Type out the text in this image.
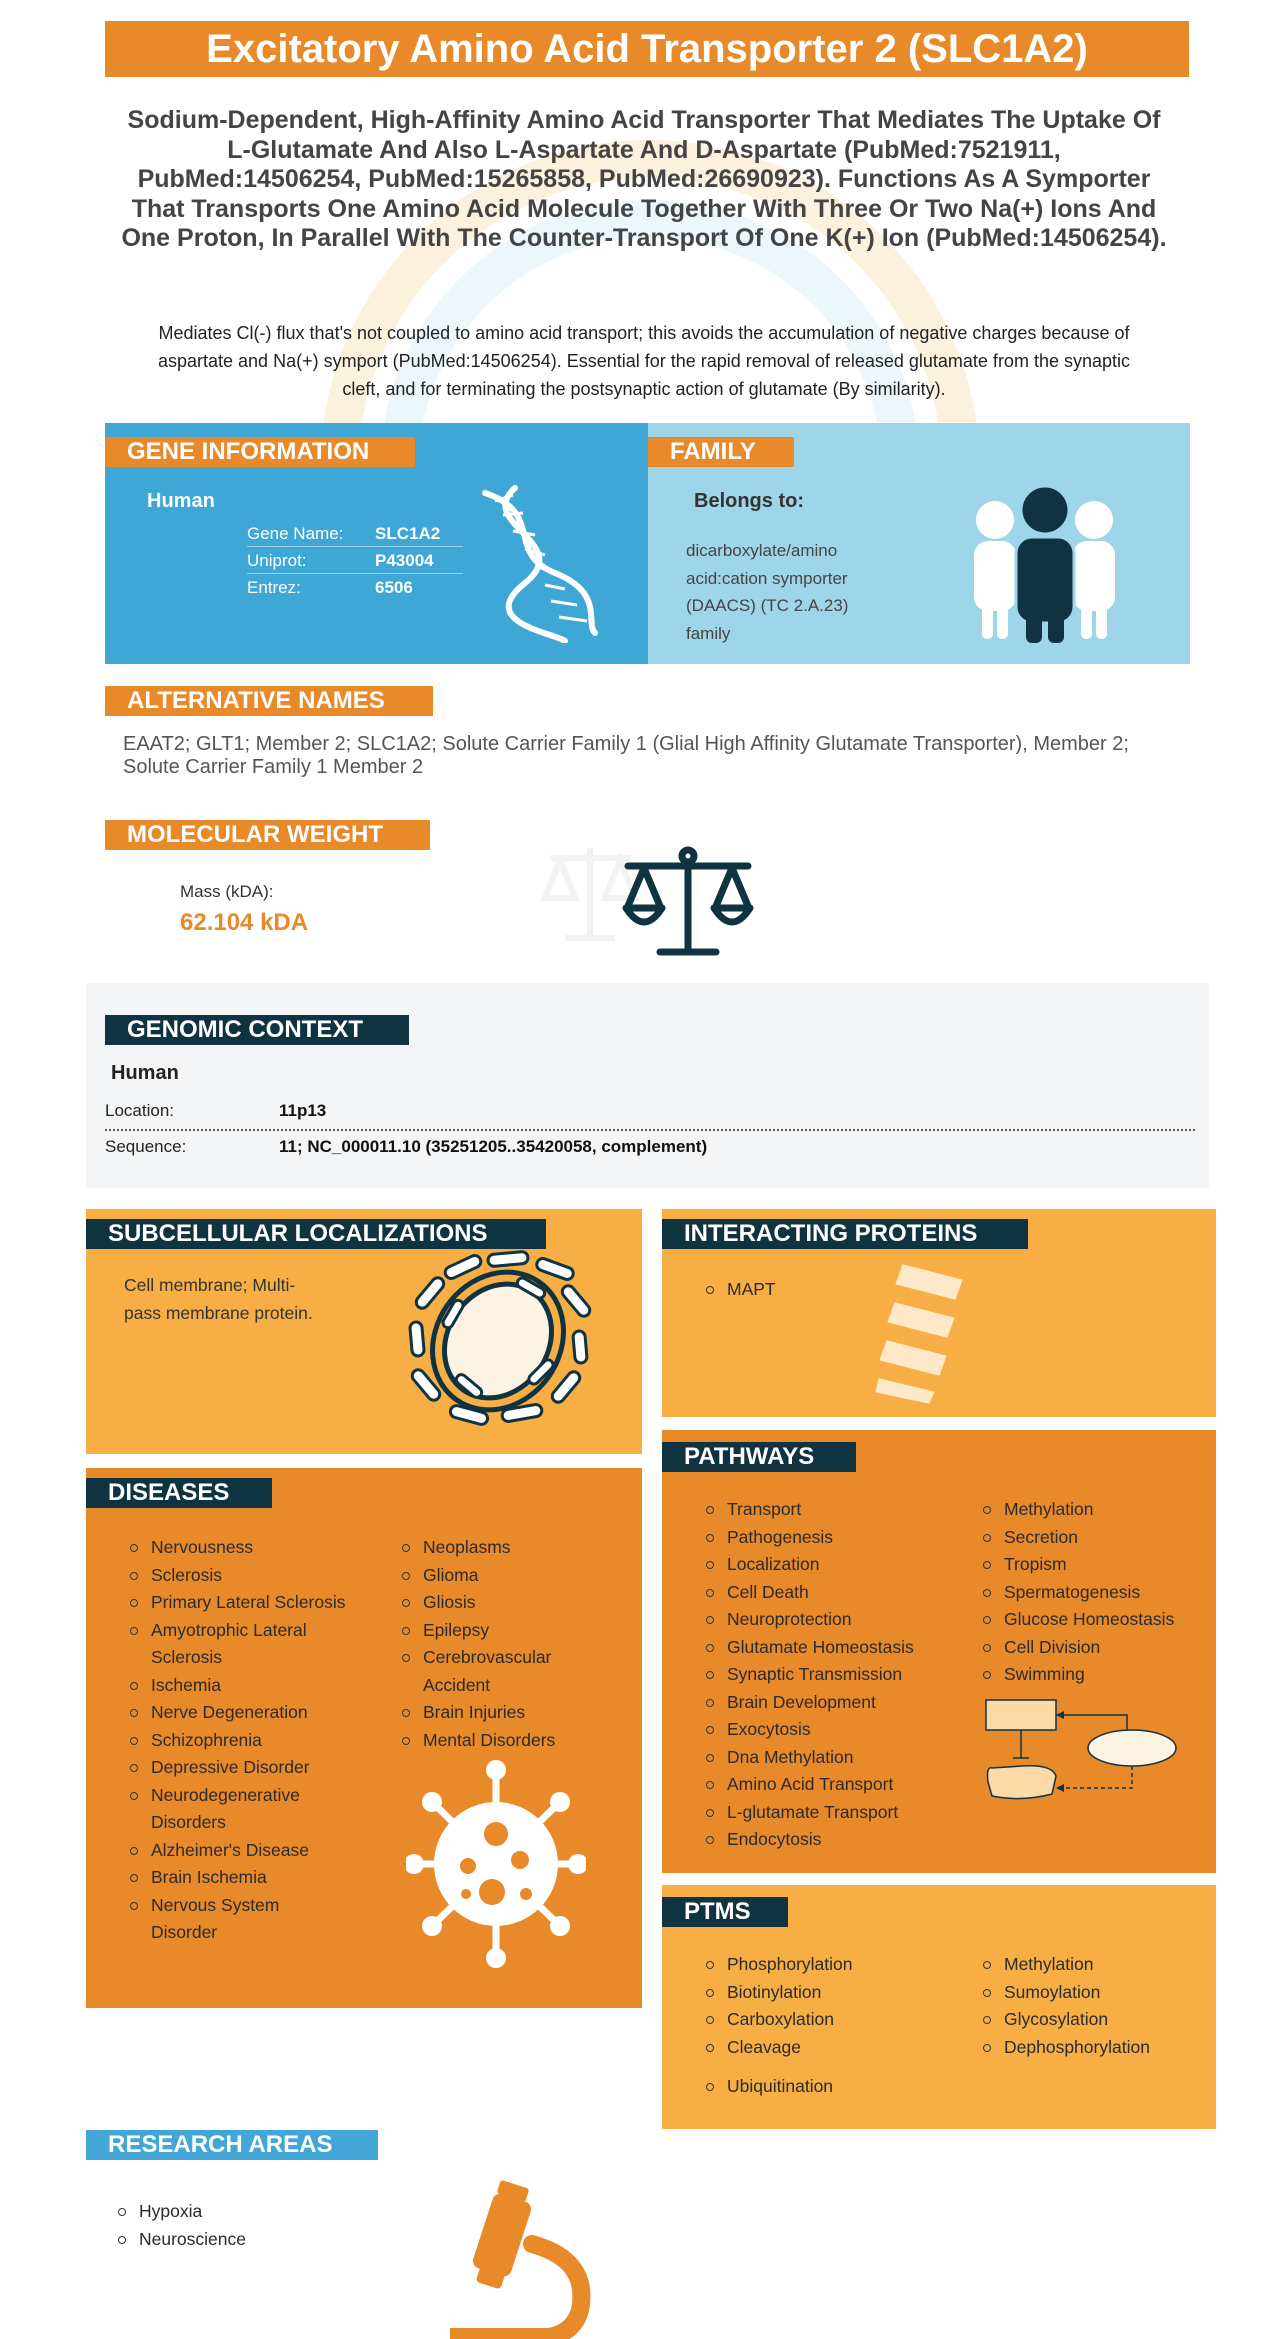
Excitatory Amino Acid Transporter 2 (SLC1A2)
Sodium-Dependent, High-Affinity Amino Acid Transporter That Mediates The Uptake Of L-Glutamate And Also L-Aspartate And D-Aspartate (PubMed:7521911, PubMed:14506254, PubMed:15265858, PubMed:26690923). Functions As A Symporter That Transports One Amino Acid Molecule Together With Three Or Two Na(+) Ions And One Proton, In Parallel With The Counter-Transport Of One K(+) Ion (PubMed:14506254).
Mediates Cl(-) flux that's not coupled to amino acid transport; this avoids the accumulation of negative charges because of aspartate and Na(+) symport (PubMed:14506254). Essential for the rapid removal of released glutamate from the synaptic cleft, and for terminating the postsynaptic action of glutamate (By similarity).
GENE INFORMATION
Human
Gene Name: SLC1A2
Uniprot:	P43004
Entrez:	6506
FAMILY
Belongs to:
dicarboxylate/amino acid:cation symporter (DAACS) (TC 2.A.23) family
ALTERNATIVE NAMES
EAAT2; GLT1; Member 2; SLC1A2; Solute Carrier Family 1 (Glial High Affinity Glutamate Transporter), Member 2; Solute Carrier Family 1 Member 2
MOLECULAR WEIGHT
Mass (kDA):
62.104 kDA
GENOMIC CONTEXT
Human
Location:	11p13
Sequence:	11; NC_000011.10 (35251205..35420058, complement)
SUBCELLULAR LOCALIZATIONS
Cell membrane; Multi-pass membrane protein.
INTERACTING PROTEINS
MAPT
DISEASES
Nervousness
Sclerosis
Primary Lateral Sclerosis
Amyotrophic Lateral Sclerosis
Ischemia
Nerve Degeneration
Schizophrenia
Depressive Disorder
Neurodegenerative Disorders
Alzheimer's Disease
Brain Ischemia
Nervous System Disorder
Neoplasms
Glioma
Gliosis
Epilepsy
Cerebrovascular Accident
Brain Injuries
Mental Disorders
PATHWAYS
Transport
Pathogenesis
Localization
Cell Death
Neuroprotection
Glutamate Homeostasis
Synaptic Transmission
Brain Development
Exocytosis
Dna Methylation
Amino Acid Transport
L-glutamate Transport
Endocytosis
Methylation
Secretion
Tropism
Spermatogenesis
Glucose Homeostasis
Cell Division
Swimming
PTMS
Phosphorylation
Biotinylation
Carboxylation
Cleavage
Methylation
Sumoylation
Glycosylation
Dephosphorylation
Ubiquitination
RESEARCH AREAS
Hypoxia
Neuroscience
